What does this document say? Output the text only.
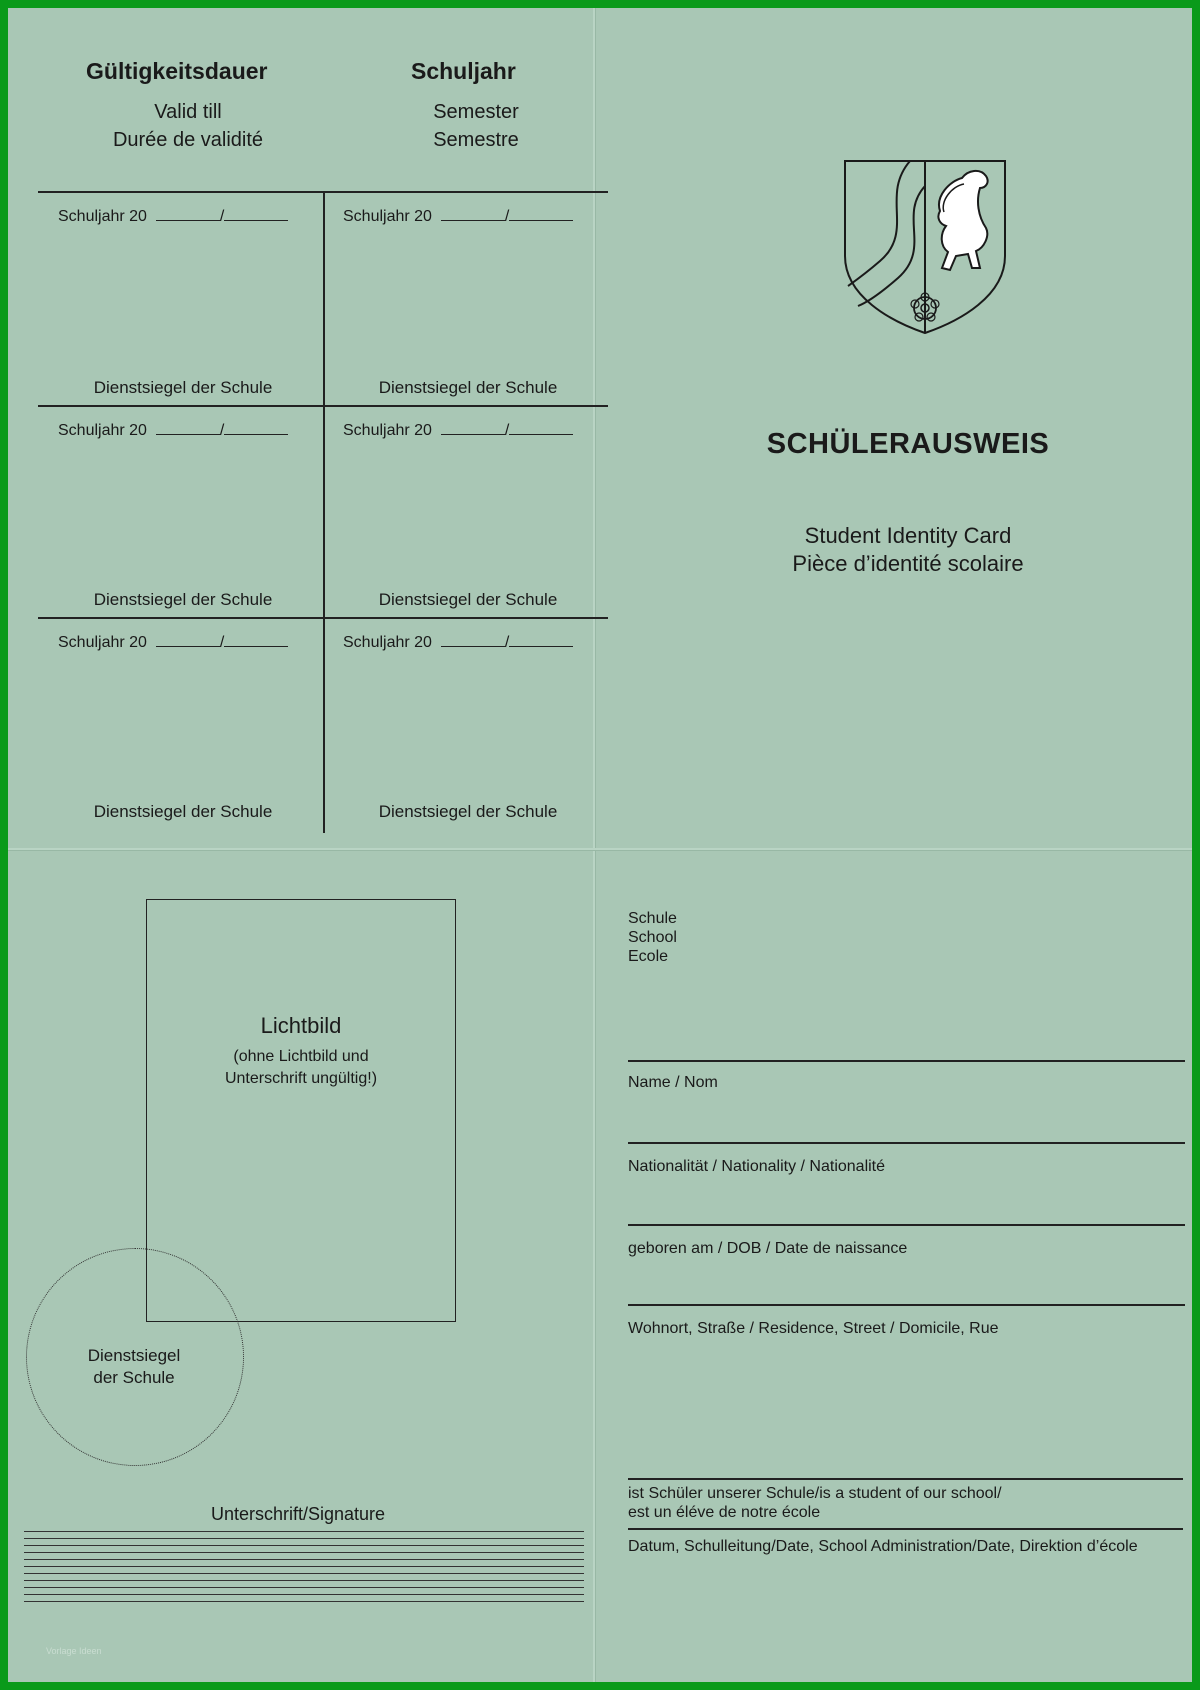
Gültigkeitsdauer
Valid till
Durée de validité
Schuljahr
Semester
Semestre
Schuljahr 20	/
Dienstsiegel der Schule
Schuljahr 20	/
Dienstsiegel der Schule
Schuljahr 20	/
Dienstsiegel der Schule
Schuljahr 20	/
Dienstsiegel der Schule
Schuljahr 20	/
Dienstsiegel der Schule
Schuljahr 20	/
Dienstsiegel der Schule
SCHÜLERAUSWEIS
Student Identity Card
Pièce d’identité scolaire
Lichtbild
(ohne Lichtbild und
Unterschrift ungültig!)
Dienstsiegel
der Schule
Unterschrift/Signature
Vorlage Ideen
Schule
School
Ecole
Name / Nom
Nationalität / Nationality / Nationalité
geboren am / DOB / Date de naissance
Wohnort, Straße / Residence, Street / Domicile, Rue
ist Schüler unserer Schule/is a student of our school/
est un éléve de notre école
Datum, Schulleitung/Date, School Administration/Date, Direktion d’école
